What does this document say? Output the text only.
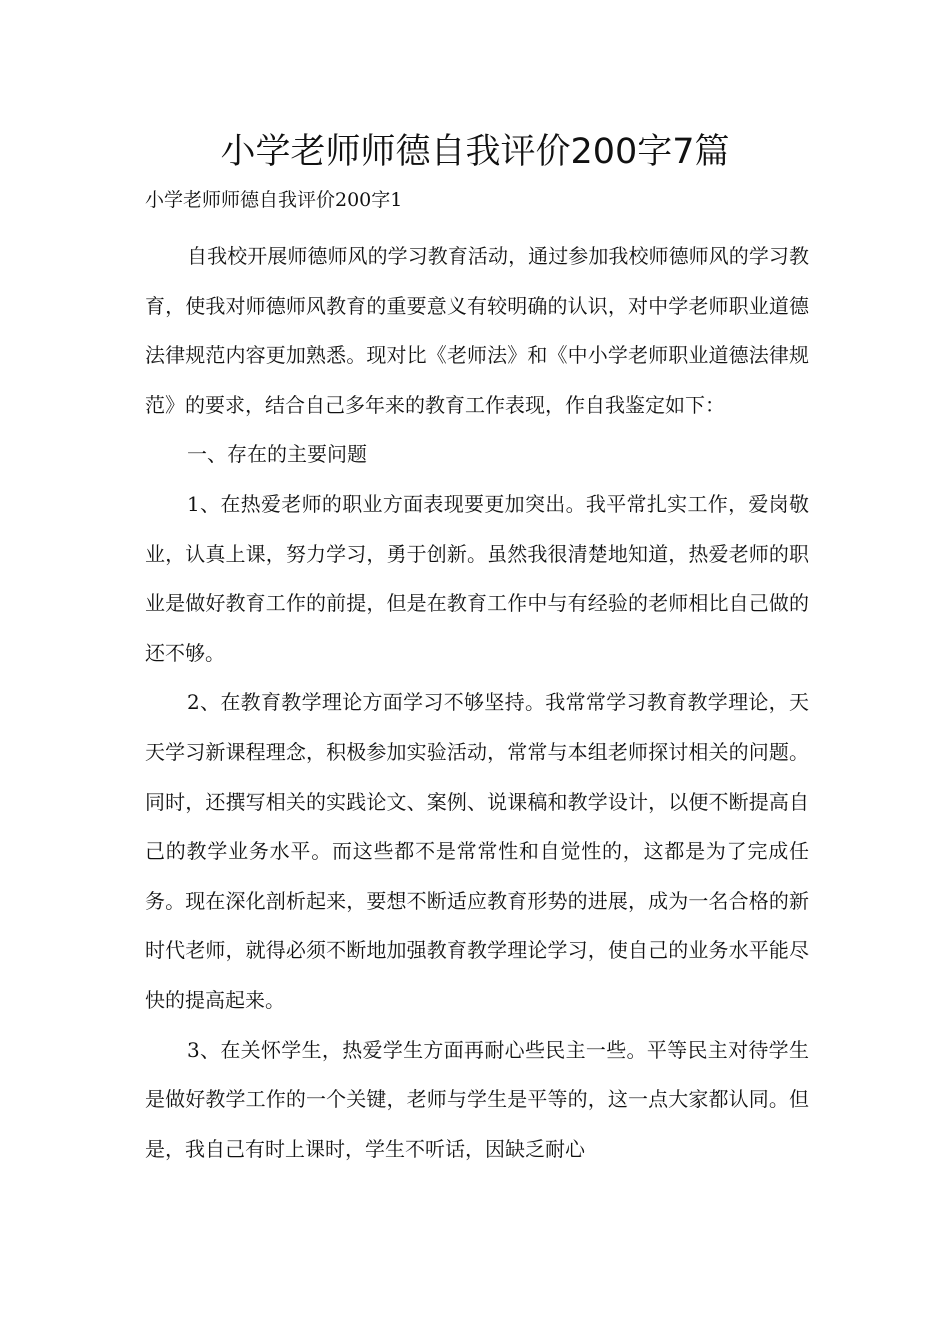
小学老师师德自我评价200字7篇

小学老师师德自我评价200字1

自我校开展师德师风的学习教育活动，通过参加我校师德师风的学习教育，使我对师德师风教育的重要意义有较明确的认识，对中学老师职业道德法律规范内容更加熟悉。现对比《老师法》和《中小学老师职业道德法律规范》的要求，结合自己多年来的教育工作表现，作自我鉴定如下：

一、存在的主要问题

1、在热爱老师的职业方面表现要更加突出。我平常扎实工作，爱岗敬业，认真上课，努力学习，勇于创新。虽然我很清楚地知道，热爱老师的职业是做好教育工作的前提，但是在教育工作中与有经验的老师相比自己做的还不够。

2、在教育教学理论方面学习不够坚持。我常常学习教育教学理论，天天学习新课程理念，积极参加实验活动，常常与本组老师探讨相关的问题。同时，还撰写相关的实践论文、案例、说课稿和教学设计，以便不断提高自己的教学业务水平。而这些都不是常常性和自觉性的，这都是为了完成任务。现在深化剖析起来，要想不断适应教育形势的进展，成为一名合格的新时代老师，就得必须不断地加强教育教学理论学习，使自己的业务水平能尽快的提高起来。

3、在关怀学生，热爱学生方面再耐心些民主一些。平等民主对待学生是做好教学工作的一个关键，老师与学生是平等的，这一点大家都认同。但是，我自己有时上课时，学生不听话，因缺乏耐心
